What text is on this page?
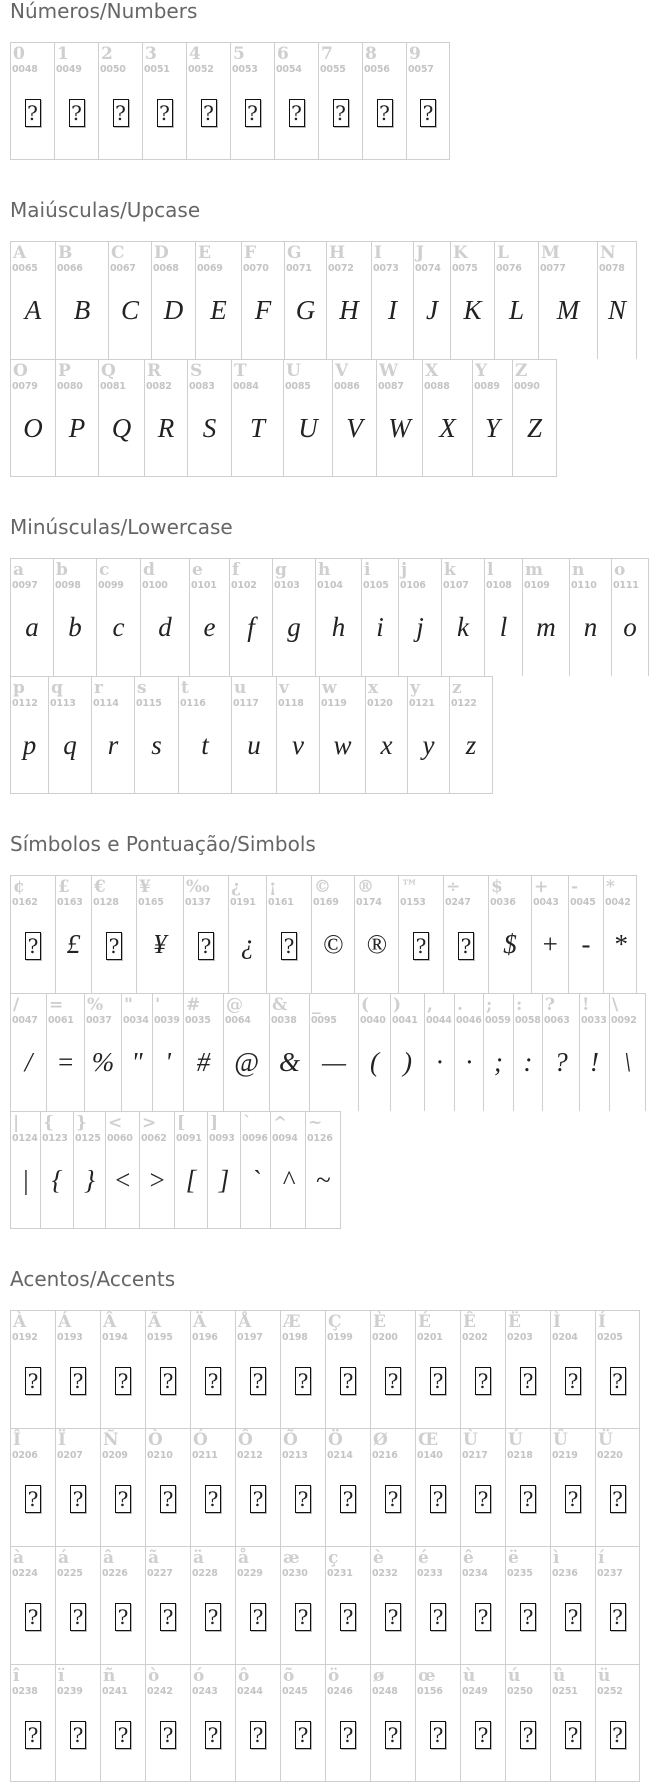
Números/Numbers
0
0048
?
1
0049
?
2
0050
?
3
0051
?
4
0052
?
5
0053
?
6
0054
?
7
0055
?
8
0056
?
9
0057
?
Maiúsculas/Upcase
A
0065
A
B
0066
B
C
0067
C
D
0068
D
E
0069
E
F
0070
F
G
0071
G
H
0072
H
I
0073
I
J
0074
J
K
0075
K
L
0076
L
M
0077
M
N
0078
N
O
0079
O
P
0080
P
Q
0081
Q
R
0082
R
S
0083
S
T
0084
T
U
0085
U
V
0086
V
W
0087
W
X
0088
X
Y
0089
Y
Z
0090
Z
Minúsculas/Lowercase
a
0097
a
b
0098
b
c
0099
c
d
0100
d
e
0101
e
f
0102
f
g
0103
g
h
0104
h
i
0105
i
j
0106
j
k
0107
k
l
0108
l
m
0109
m
n
0110
n
o
0111
o
p
0112
p
q
0113
q
r
0114
r
s
0115
s
t
0116
t
u
0117
u
v
0118
v
w
0119
w
x
0120
x
y
0121
y
z
0122
z
Símbolos e Pontuação/Simbols
¢
0162
?
£
0163
£
€
0128
?
¥
0165
¥
‰
0137
?
¿
0191
¿
¡
0161
?
©
0169
©
®
0174
®
™
0153
?
÷
0247
?
$
0036
$
+
0043
+
-
0045
-
*
0042
*
/
0047
/
=
0061
=
%
0037
%
"
0034
"
'
0039
'
#
0035
#
@
0064
@
&
0038
&
_
0095
—
(
0040
(
)
0041
)
,
0044
·
.
0046
·
;
0059
;
:
0058
:
?
0063
?
!
0033
!
\
0092
\
|
0124
|
{
0123
{
}
0125
}
<
0060
<
>
0062
>
[
0091
[
]
0093
]
`
0096
`
^
0094
^
~
0126
~
Acentos/Accents
À
0192
?
Á
0193
?
Â
0194
?
Ã
0195
?
Ä
0196
?
Å
0197
?
Æ
0198
?
Ç
0199
?
È
0200
?
É
0201
?
Ê
0202
?
Ë
0203
?
Ì
0204
?
Í
0205
?
Î
0206
?
Ï
0207
?
Ñ
0209
?
Ò
0210
?
Ó
0211
?
Ô
0212
?
Õ
0213
?
Ö
0214
?
Ø
0216
?
Œ
0140
?
Ù
0217
?
Ú
0218
?
Û
0219
?
Ü
0220
?
à
0224
?
á
0225
?
â
0226
?
ã
0227
?
ä
0228
?
å
0229
?
æ
0230
?
ç
0231
?
è
0232
?
é
0233
?
ê
0234
?
ë
0235
?
ì
0236
?
í
0237
?
î
0238
?
ï
0239
?
ñ
0241
?
ò
0242
?
ó
0243
?
ô
0244
?
õ
0245
?
ö
0246
?
ø
0248
?
œ
0156
?
ù
0249
?
ú
0250
?
û
0251
?
ü
0252
?
